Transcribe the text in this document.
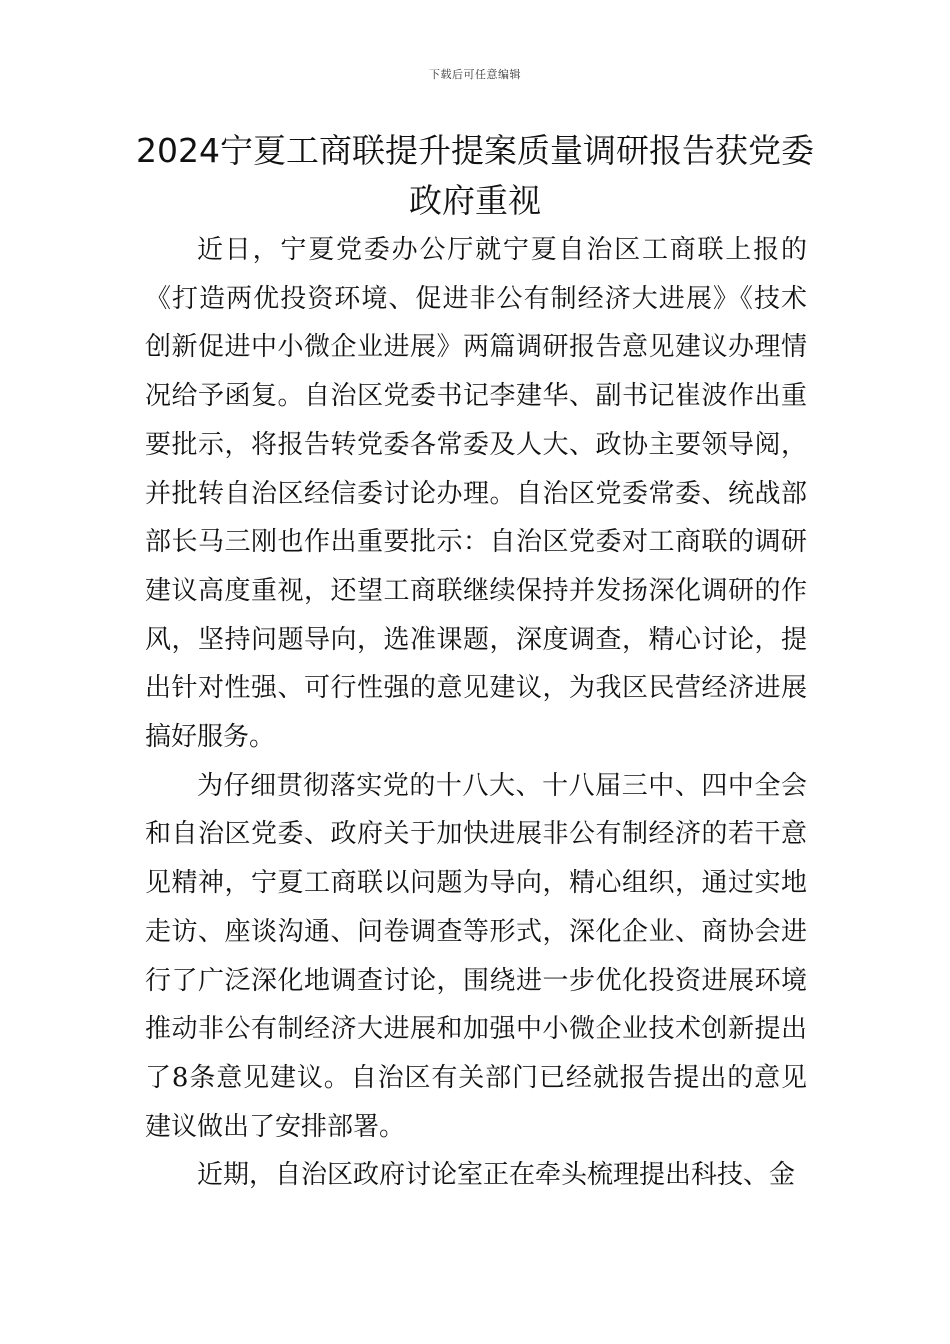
下载后可任意编辑
2024宁夏工商联提升提案质量调研报告获党委政府重视

近日，宁夏党委办公厅就宁夏自治区工商联上报的《打造两优投资环境、促进非公有制经济大进展》《技术创新促进中小微企业进展》两篇调研报告意见建议办理情况给予函复。自治区党委书记李建华、副书记崔波作出重要批示，将报告转党委各常委及人大、政协主要领导阅，并批转自治区经信委讨论办理。自治区党委常委、统战部部长马三刚也作出重要批示：自治区党委对工商联的调研建议高度重视，还望工商联继续保持并发扬深化调研的作风，坚持问题导向，选准课题，深度调查，精心讨论，提出针对性强、可行性强的意见建议，为我区民营经济进展搞好服务。

为仔细贯彻落实党的十八大、十八届三中、四中全会和自治区党委、政府关于加快进展非公有制经济的若干意见精神，宁夏工商联以问题为导向，精心组织，通过实地走访、座谈沟通、问卷调查等形式，深化企业、商协会进行了广泛深化地调查讨论，围绕进一步优化投资进展环境推动非公有制经济大进展和加强中小微企业技术创新提出了8条意见建议。自治区有关部门已经就报告提出的意见建议做出了安排部署。

近期，自治区政府讨论室正在牵头梳理提出科技、金
